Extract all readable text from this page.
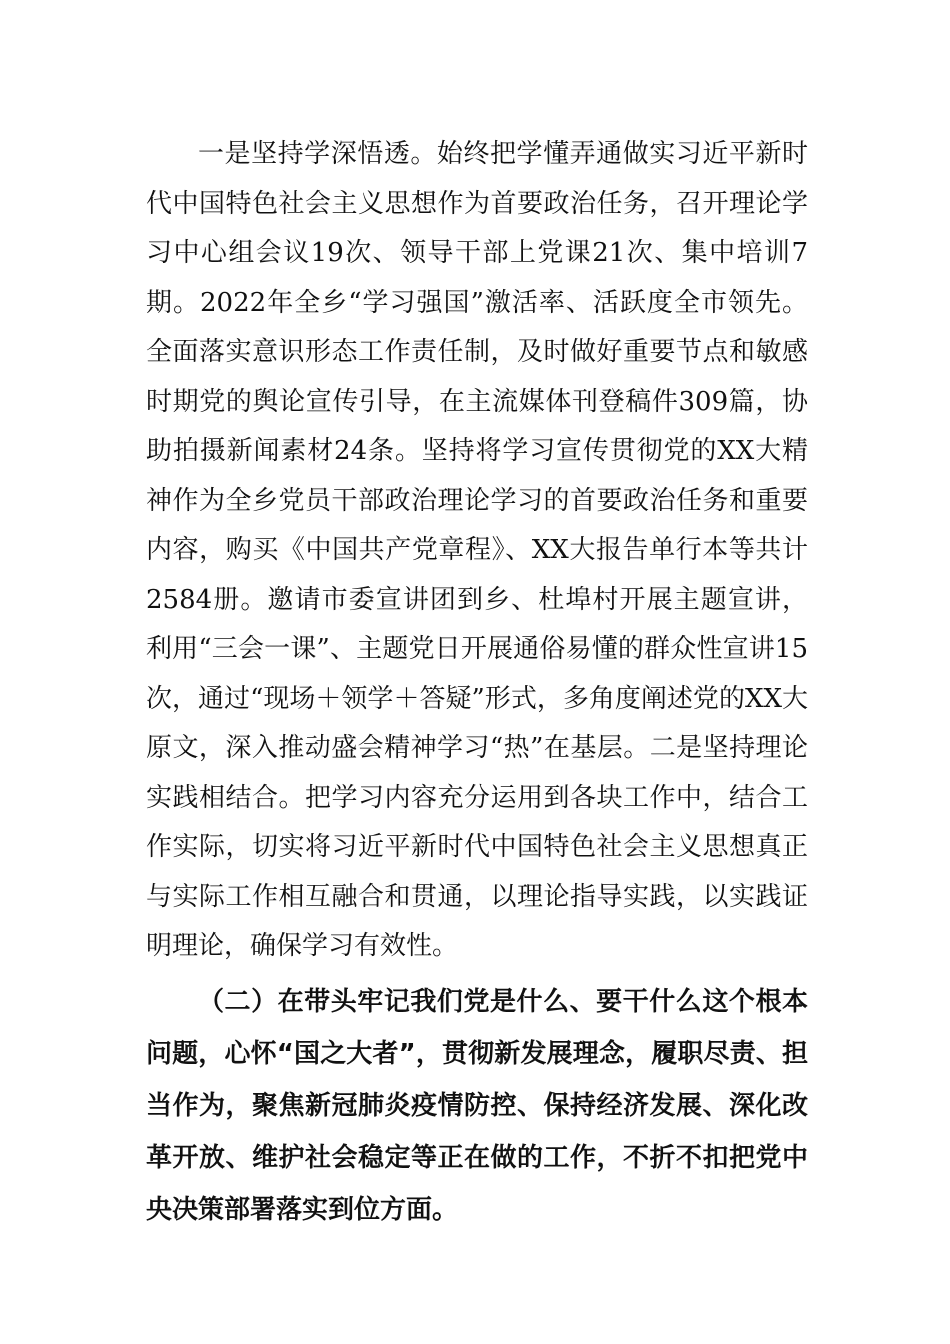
一是坚持学深悟透。始终把学懂弄通做实习近平新时代中国特色社会主义思想作为首要政治任务，召开理论学习中心组会议19次、领导干部上党课21次、集中培训7期。2022年全乡“学习强国”激活率、活跃度全市领先。全面落实意识形态工作责任制，及时做好重要节点和敏感时期党的舆论宣传引导，在主流媒体刊登稿件309篇，协助拍摄新闻素材24条。坚持将学习宣传贯彻党的XX大精神作为全乡党员干部政治理论学习的首要政治任务和重要内容，购买《中国共产党章程》、XX大报告单行本等共计2584册。邀请市委宣讲团到乡、杜埠村开展主题宣讲，利用“三会一课”、主题党日开展通俗易懂的群众性宣讲15次，通过“现场＋领学＋答疑”形式，多角度阐述党的XX大原文，深入推动盛会精神学习“热”在基层。二是坚持理论实践相结合。把学习内容充分运用到各块工作中，结合工作实际，切实将习近平新时代中国特色社会主义思想真正与实际工作相互融合和贯通，以理论指导实践，以实践证明理论，确保学习有效性。

（二）在带头牢记我们党是什么、要干什么这个根本问题，心怀“国之大者”，贯彻新发展理念，履职尽责、担当作为，聚焦新冠肺炎疫情防控、保持经济发展、深化改革开放、维护社会稳定等正在做的工作，不折不扣把党中央决策部署落实到位方面。
